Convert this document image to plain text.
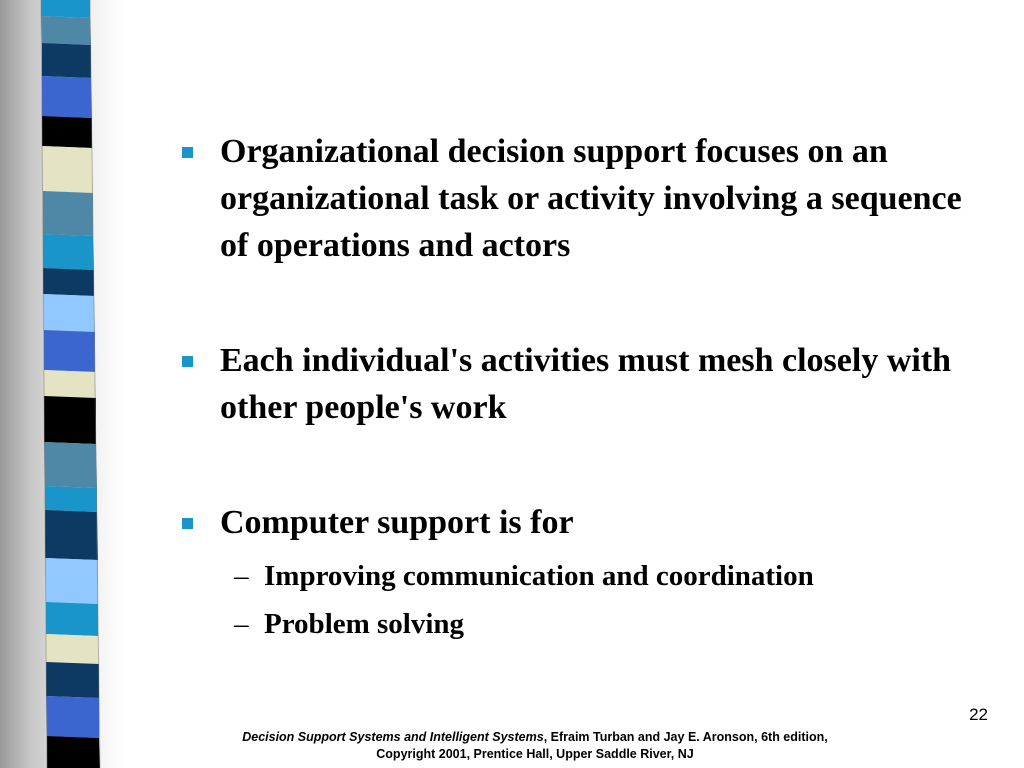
Organizational decision support focuses on an organizational task or activity involving a sequence of operations and actors
Each individual's activities must mesh closely with other people's work
Computer support is for
– Improving communication and coordination
– Problem solving
22
Decision Support Systems and Intelligent Systems, Efraim Turban and Jay E. Aronson, 6th edition,
Copyright 2001, Prentice Hall, Upper Saddle River, NJ
